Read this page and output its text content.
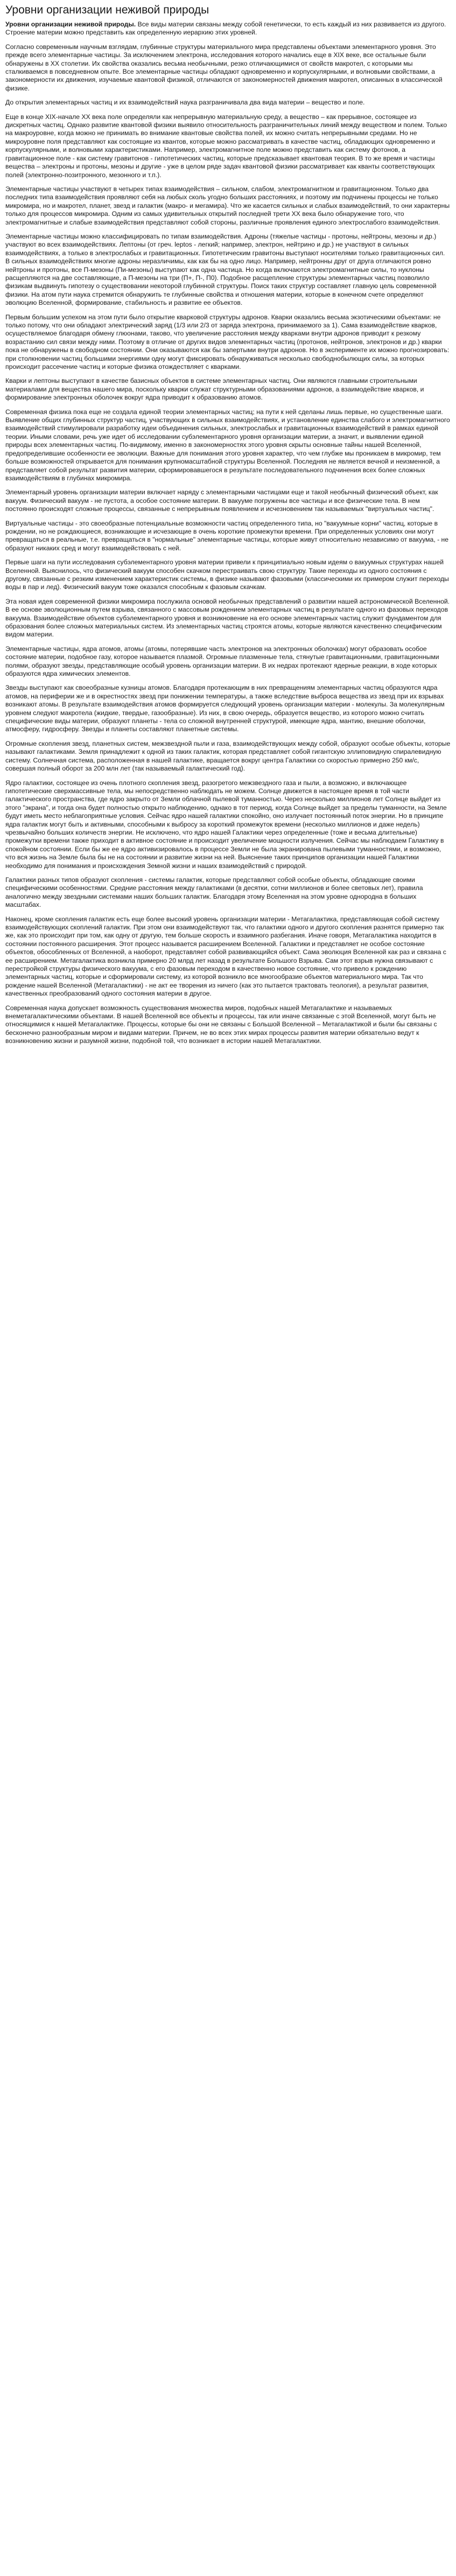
Уровни организации неживой природы
Уровни организации неживой природы. Все виды материи связаны между собой генетически, то есть каждый из них развивается из другого. Строение материи можно представить как определенную иерархию этих уровней.
Согласно современным научным взглядам, глубинные структуры материального мира представлены объектами элементарного уровня. Это прежде всего элементарные частицы. За исключением электрона, исследования которого начались еще в XIX веке, все остальные были обнаружены в XX столетии. Их свойства оказались весьма необычными, резко отличающимися от свойств макротел, с которыми мы сталкиваемся в повседневном опыте. Все элементарные частицы обладают одновременно и корпускулярными, и волновыми свойствами, а закономерности их движения, изучаемые квантовой физикой, отличаются от закономерностей движения макротел, описанных в классической физике.
До открытия элементарных частиц и их взаимодействий наука разграничивала два вида материи – вещество и поле.
Еще в конце XIX-начале XX века поле определяли как непрерывную материальную среду, а вещество – как прерывное, состоящее из дискретных частиц. Однако развитие квантовой физики выявило относительность разграничительных линий между веществом и полем. Только на макроуровне, когда можно не принимать во внимание квантовые свойства полей, их можно считать непрерывными средами. Но не микроуровне поля представляют как состоящие из квантов, которые можно рассматривать в качестве частиц, обладающих одновременно и корпускулярными, и волновыми характеристиками. Например, электромагнитное поле можно представить как систему фотонов, а гравитационное поле - как систему гравитонов - гипотетических частиц, которые предсказывает квантовая теория. В то же время и частицы вещества – электроны и протоны, мезоны и другие - уже в целом ряде задач квантовой физики рассматривает как кванты соответствующих полей (электронно-позитронного, мезонного и т.п.).
Элементарные частицы участвуют в четырех типах взаимодействия – сильном, слабом, электромагнитном и гравитационном. Только два последних типа взаимодействия проявляют себя на любых сколь угодно больших расстояниях, и поэтому им подчинены процессы не только микромира, но и макротел, планет, звезд и галактик (макро- и мегамира). Что же касается сильных и слабых взаимодействий, то они характерны только для процессов микромира. Одним из самых удивительных открытий последней трети XX века было обнаружение того, что электромагнитные и слабые взаимодействия представляют собой стороны, различные проявления единого электрослабого взаимодействия.
Элементарные частицы можно классифицировать по типам взаимодействия. Адроны (тяжелые частицы - протоны, нейтроны, мезоны и др.) участвуют во всех взаимодействиях. Лептоны (от греч. leptos - легкий; например, электрон, нейтрино и др.) не участвуют в сильных взаимодействиях, а только в электрослабых и гравитационных. Гипотетическим гравитоны выступают носителями только гравитационных сил. В сильных взаимодействиях многие адроны неразличимы, как как бы на одно лицо. Например, нейтронны друг от друга отличаются ровно нейтроны и протоны, все П-мезоны (Пи-мезоны) выступают как одна частица. Но когда включаются электромагнитные силы, то нуклоны расщепляются на две составляющие, а П-мезоны на три (П+, П-, П0). Подобное расщепление структуры элементарных частиц позволило физикам выдвинуть гипотезу о существовании некоторой глубинной структуры. Поиск таких структур составляет главную цель современной физики. На атом пути наука стремится обнаружить те глубинные свойства и отношения материи, которые в конечном счете определяют эволюцию Вселенной, формирование, стабильность и развитие ее объектов.
Первым большим успехом на этом пути было открытие кварковой структуры адронов. Кварки оказались весьма экзотическими объектами: не только потому, что они обладают электрический заряд (1/3 или 2/3 от заряда электрона, принимаемого за 1). Сама взаимодействие кварков, осуществляемое благодаря обмену глюонами, таково, что увеличение расстояния между кварками внутри адронов приводит к резкому возрастанию сил связи между ними. Поэтому в отличие от других видов элементарных частиц (протонов, нейтронов, электронов и др.) кварки пока не обнаружены в свободном состоянии. Они оказываются как бы запертыми внутри адронов. Но в эксперименте их можно прогнозировать: при столкновении частиц большими энергиями одну могут фиксировать обнаруживаться несколько свободнобылющих силы, за которых происходит рассечение частиц и которые физика отождествляет с кварками.
Кварки и лептоны выступают в качестве базисных объектов в системе элементарных частиц. Они являются главными строительными материалами для вещества нашего мира, поскольку кварки служат структурными образованиями адронов, а взаимодействие кварков, и формирование электронных оболочек вокруг ядра приводит к образованию атомов.
Современная физика пока еще не создала единой теории элементарных частиц; на пути к ней сделаны лишь первые, но существенные шаги. Выявление общих глубинных структур частиц, участвующих в сильных взаимодействиях, и установление единства слабого и электромагнитного взаимодействий стимулировали разработку идеи объединения сильных, электрослабых и гравитационных взаимодействий в рамках единой теории. Иными словами, речь уже идет об исследовании субэлементарного уровня организации материи, а значит, и выявлении единой природы всех элементарных частиц. По-видимому, именно в закономерностях этого уровня скрыты основные тайны нашей Вселенной, предопределившие особенности ее эволюции. Важные для понимания этого уровня характер, что чем глубже мы проникаем в микромир, тем больше возможностей открывается для понимания крупномасштабной структуры Вселенной. Последняя не является вечной и неизменной, а представляет собой результат развития материи, сформировавшегося в результате последовательного подчинения всех более сложных взаимодействиям в глубинах микромира.
Элементарный уровень организации материи включает наряду с элементарными частицами еще и такой необычный физический объект, как вакуум. Физический вакуум - не пустота, а особое состояние материи. В вакууме погружены все частицы и все физические тела. В нем постоянно происходят сложные процессы, связанные с непрерывным появлением и исчезновением так называемых "виртуальных частиц".
Виртуальные частицы - это своеобразные потенциальные возможности частиц определенного типа, но "вакуумные корни" частиц, которые в рождении, но не рождающиеся, возникающие и исчезающие в очень короткие промежутки времени. При определенных условиях они могут превращаться в реальные, т.е. превращаться в "нормальные" элементарные частицы, которые живут относительно независимо от вакуума, - не образуют никаких сред и могут взаимодействовать с ней.
Первые шаги на пути исследования субэлементарного уровня материи привели к принципиально новым идеям о вакуумных структурах нашей Вселенной. Выяснилось, что физический вакуум способен скачком перестраивать свою структуру. Такие переходы из одного состояния с другому, связанные с резким изменением характеристик системы, в физике называют фазовыми (классическими их примером служит переходы воды в пар и лед). Физический вакуум тоже оказался способным к фазовым скачкам.
Эта новая идея современной физики микромира послужила основой необычных представлений о развитии нашей астрономической Вселенной. В ее основе эволюционным путем взрыва, связанного с массовым рождением элементарных частиц в результате одного из фазовых переходов вакуума. Взаимодействие объектов субэлементарного уровня и возникновение на его основе элементарных частиц служит фундаментом для образования более сложных материальных систем. Из элементарных частиц строятся атомы, которые являются качественно специфическим видом материи.
Элементарные частицы, ядра атомов, атомы (атомы, потерявшие часть электронов на электронных оболочках) могут образовать особое состояние материи, подобное газу, которое называется плазмой. Огромные плазменные тела, стянутые гравитационными, гравитационными полями, образуют звезды, представляющие особый уровень организации материи. В их недрах протекают ядерные реакции, в ходе которых образуются ядра химических элементов.
Звезды выступают как своеобразные кузницы атомов. Благодаря протекающим в них превращениям элементарных частиц образуются ядра атомов, на периферии же и в окрестностях звезд при понижении температуры, а также вследствие выброса вещества из звезд при их взрывах возникают атомы. В результате взаимодействия атомов формируется следующий уровень организации материи - молекулы. За молекулярным уровнем следуют макротела (жидкие, твердые, газообразные). Из них, в свою очередь, образуется вещество, из которого можно считать специфические виды материи, образуют планеты - тела со сложной внутренней структурой, имеющие ядра, мантию, внешние оболочки, атмосферу, гидросферу. Звезды и планеты составляют планетные системы.
Огромные скопления звезд, планетных систем, межзвездной пыли и газа, взаимодействующих между собой, образуют особые объекты, которые называют галактиками. Земля принадлежит к одной из таких галактик, которая представляет собой гигантскую эллиповидную спиралевидную систему. Солнечная система, расположенная в нашей галактике, вращается вокруг центра Галактики со скоростью примерно 250 км/с, совершая полный оборот за 200 млн лет (так называемый галактический год).
Ядро галактики, состоящее из очень плотного скопления звезд, разогретого межзвездного газа и пыли, а возможно, и включающее гипотетические сверхмассивные тела, мы непосредственно наблюдать не можем. Солнце движется в настоящее время в той части галактического пространства, где ядро закрыто от Земли облачной пылевой туманностью. Через несколько миллионов лет Солнце выйдет из этого "экрана", и тогда она будет полностью открыто наблюдению, однако в тот период, когда Солнце выйдет за пределы туманности, на Земле будут иметь место неблагоприятные условия. Сейчас ядро нашей галактики спокойно, оно излучает постоянный поток энергии. Но в принципе ядра галактик могут быть и активными, способными к выбросу за короткий промежуток времени (несколько миллионов и даже недель) чрезвычайно больших количеств энергии. Не исключено, что ядро нашей Галактики через определенные (тоже и весьма длительные) промежутки времени также приходит в активное состояние и происходит увеличение мощности излучения. Сейчас мы наблюдаем Галактику в спокойном состоянии. Если бы же ее ядро активизировалось в процессе Земли не была экранирована пылевыми туманностями, и возможно, что вся жизнь на Земле была бы не на состоянии и развитие жизни на ней. Выяснение таких принципов организации нашей Галактики необходимо для понимания и происхождения Земной жизни и наших взаимодействий с природой.
Галактики разных типов образуют скопления - системы галактик, которые представляют собой особые объекты, обладающие своими специфическими особенностями. Средние расстояния между галактиками (в десятки, сотни миллионов и более световых лет), правила аналогично между звездными системами наших больших галактик. Благодаря этому Вселенная на этом уровне однородна в больших масштабах.
Наконец, кроме скопления галактик есть еще более высокий уровень организации материи - Метагалактика, представляющая собой систему взаимодействующих скоплений галактик. При этом они взаимодействуют так, что галактики одного и другого скопления разнятся примерно так же, как это происходит при том, как одну от другую, тем больше скорость и взаимного разбегания. Иначе говоря, Метагалактика находится в состоянии постоянного расширения. Этот процесс называется расширением Вселенной. Галактики и представляет не особое состояние объектов, обособленных от Вселенной, а наоборот, представляет собой развивающийся объект. Сама эволюция Вселенной как раз и связана с ее расширением. Метагалактика возникла примерно 20 млрд лет назад в результате Большого Взрыва. Сам этот взрыв нужна связывают с перестройкой структуры физического вакуума, с его фазовым переходом в качественно новое состояние, что привело к рождению элементарных частиц, которые и сформировали систему, из которой возникло все многообразие объектов материального мира. Так что рождение нашей Вселенной (Метагалактики) - не акт ее творения из ничего (как это пытается трактовать теология), а результат развития, качественных преобразований одного состояния материи в другое.
Современная наука допускает возможность существования множества миров, подобных нашей Метагалактике и называемых внеметагалактическими объектами. В нашей Вселенной все объекты и процессы, так или иначе связанные с этой Вселенной, могут быть не относящимися к нашей Метагалактике. Процессы, которые бы они не связаны с Большой Вселенной – Метагалактикой и были бы связаны с бесконечно разнообразным миром и видами материи. Причем, не во всех этих мирах процессы развития материи обязательно ведут к возникновению жизни и разумной жизни, подобной той, что возникает в истории нашей Метагалактики.
